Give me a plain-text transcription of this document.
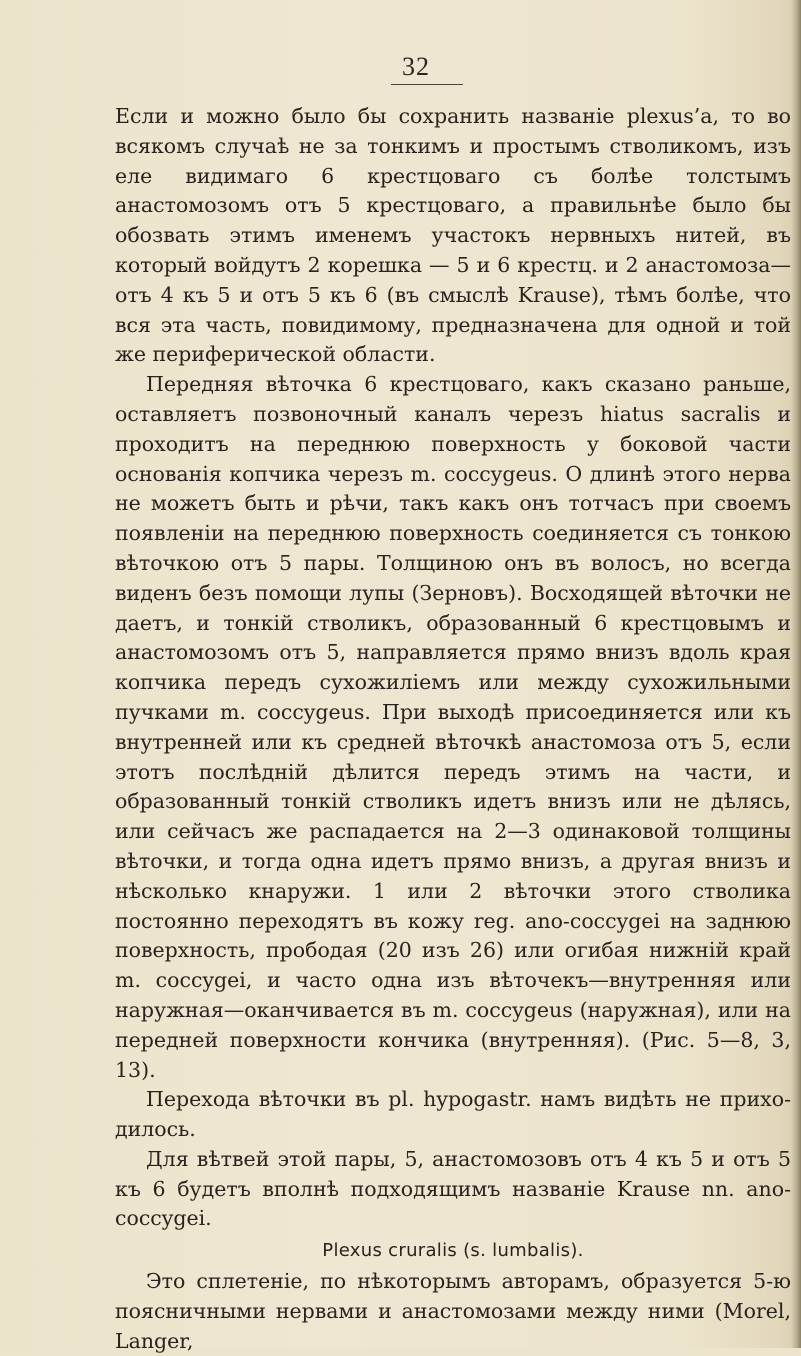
32

Если и можно было бы сохранить названіе plexus’а, то во всякомъ случаѣ не за тонкимъ и простымъ стволикомъ, изъ еле видимаго 6 крестцоваго съ болѣе толстымъ анастомозомъ отъ 5 крестцоваго, а правильнѣе было бы обозвать этимъ именемъ участокъ нервныхъ нитей, въ который войдутъ 2 корешка — 5 и 6 крестц. и 2 анастомоза—отъ 4 къ 5 и отъ 5 къ 6 (въ смыслѣ Krause), тѣмъ болѣе, что вся эта часть, повидимому, предназначена для одной и той же периферической области.

Передняя вѣточка 6 крестцоваго, какъ сказано раньше, оставляетъ позвоночный каналъ черезъ hiatus sacralis и проходитъ на переднюю поверхность у боковой части основанія копчика черезъ m. coccygeus. О длинѣ этого нерва не можетъ быть и рѣчи, такъ какъ онъ тотчасъ при своемъ появленіи на переднюю поверхность соединяется съ тонкою вѣточкою отъ 5 пары. Толщиною онъ въ волосъ, но всегда виденъ безъ помощи лупы (Зерновъ). Восходящей вѣточки не даетъ, и тонкій стволикъ, образованный 6 крестцовымъ и анастомозомъ отъ 5, направляется прямо внизъ вдоль края копчика передъ сухожиліемъ или между сухожильными пучками m. coccygeus. При выходѣ присоединяется или къ внутренней или къ средней вѣточкѣ анастомоза отъ 5, если этотъ послѣдній дѣлится передъ этимъ на части, и образованный тонкій стволикъ идетъ внизъ или не дѣлясь, или сейчасъ же распадается на 2—3 одинаковой толщины вѣточки, и тогда одна идетъ прямо внизъ, а другая внизъ и нѣсколько кнаружи. 1 или 2 вѣточки этого стволика постоянно переходятъ въ кожу reg. ano-coccygei на заднюю поверхность, прободая (20 изъ 26) или огибая нижній край m. coccygei, и часто одна изъ вѣточекъ—внутренняя или наружная—оканчивается въ m. coccygeus (наружная), или на передней поверхности кончика (внутренняя). (Рис. 5—8, 3, 13).

Перехода вѣточки въ pl. hypogastr. намъ видѣть не приходилось.

Для вѣтвей этой пары, 5, анастомозовъ отъ 4 къ 5 и отъ 5 къ 6 будетъ вполнѣ подходящимъ названіе Krause nn. ano-coccygei.

Plexus cruralis (s. lumbalis).

Это сплетеніе, по нѣкоторымъ авторамъ, образуется 5-ю поясничными нервами и анастомозами между ними (Morel, Langer,
